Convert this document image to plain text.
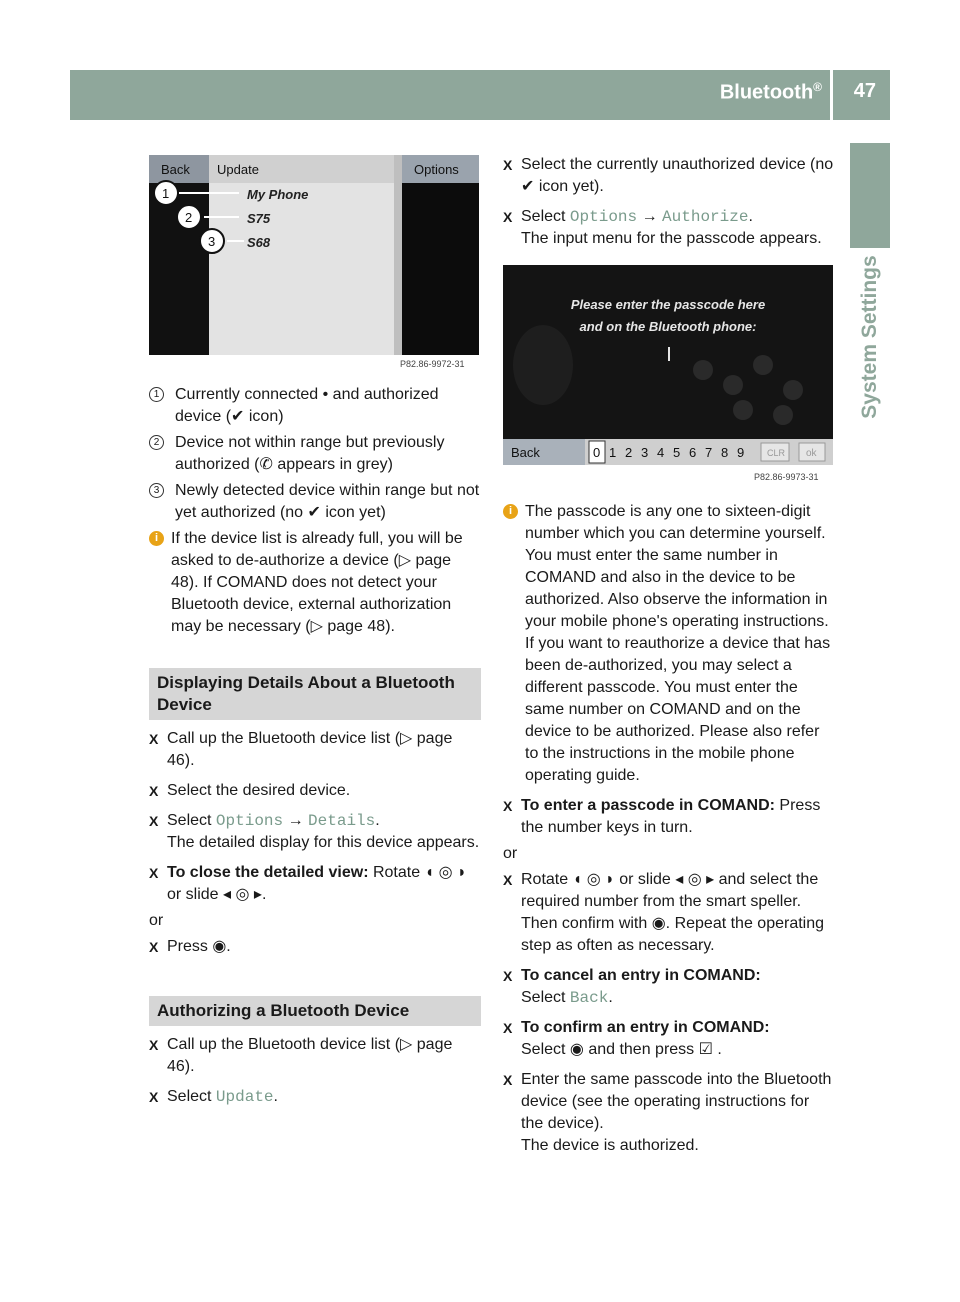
Bluetooth® 47
System Settings
Back Update	Options
My Phone
S75
S68
1
2
3
P82.86-9972-31

1 Currently connected • and authorized device (✔ icon)

2 Device not within range but previously authorized (✆ appears in grey)

3 Newly detected device within range but not yet authorized (no ✔ icon yet)

i If the device list is already full, you will be asked to de-authorize a device (▷ page 48). If COMAND does not detect your Bluetooth device, external authorization may be necessary (▷ page 48).

Displaying Details About a Bluetooth Device

X Call up the Bluetooth device list (▷ page 46).

X Select the desired device.

X Select Options → Details.
The detailed display for this device appears.

X To close the detailed view: Rotate ◖ ◎ ◗ or slide ◂ ◎ ▸.

or

X Press ◉.

Authorizing a Bluetooth Device

X Call up the Bluetooth device list (▷ page 46).

X Select Update.

X Select the currently unauthorized device (no ✔ icon yet).

X Select Options → Authorize.
The input menu for the passcode appears.

Please enter the passcode here
and on the Bluetooth phone:
Back	0 1 2 3 4 5 6 7 8 9	CLR ok
P82.86-9973-31

i The passcode is any one to sixteen-digit number which you can determine yourself. You must enter the same number in COMAND and also in the device to be authorized. Also observe the information in your mobile phone's operating instructions. If you want to reauthorize a device that has been de-authorized, you may select a different passcode. You must enter the same number on COMAND and on the device to be authorized. Please also refer to the instructions in the mobile phone operating guide.

X To enter a passcode in COMAND: Press the number keys in turn.

or

X Rotate ◖ ◎ ◗ or slide ◂ ◎ ▸ and select the required number from the smart speller. Then confirm with ◉. Repeat the operating step as often as necessary.

X To cancel an entry in COMAND:
Select Back.

X To confirm an entry in COMAND:
Select ◉ and then press ☑ .

X Enter the same passcode into the Bluetooth device (see the operating instructions for the device).
The device is authorized.
